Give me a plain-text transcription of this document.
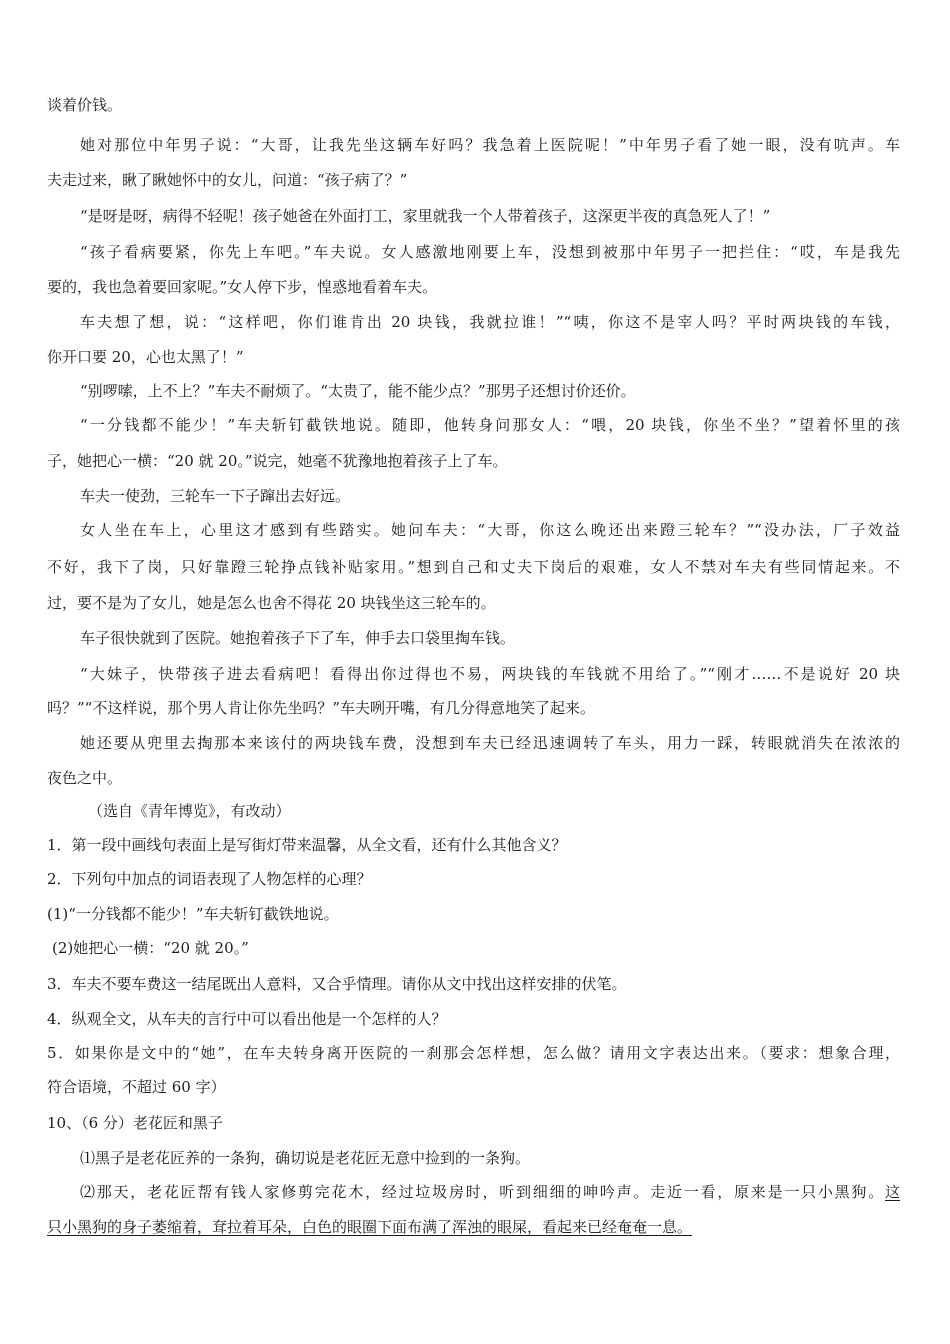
谈着价钱。
她对那位中年男子说：“大哥，让我先坐这辆车好吗？我急着上医院呢！”中年男子看了她一眼，没有吭声。车
夫走过来，瞅了瞅她怀中的女儿，问道：“孩子病了？”
“是呀是呀，病得不轻呢！孩子她爸在外面打工，家里就我一个人带着孩子，这深更半夜的真急死人了！”
“孩子看病要紧，你先上车吧。”车夫说。女人感激地刚要上车，没想到被那中年男子一把拦住：“哎，车是我先
要的，我也急着要回家呢。”女人停下步，惶惑地看着车夫。
车夫想了想，说：“这样吧，你们谁肯出 20 块钱，我就拉谁！”“咦，你这不是宰人吗？平时两块钱的车钱，
你开口要 20，心也太黑了！”
“别啰嗦，上不上？”车夫不耐烦了。“太贵了，能不能少点？”那男子还想讨价还价。
“一分钱都不能少！”车夫斩钉截铁地说。随即，他转身问那女人：“喂，20 块钱，你坐不坐？”望着怀里的孩
子，她把心一横：“20 就 20。”说完，她毫不犹豫地抱着孩子上了车。
车夫一使劲，三轮车一下子蹿出去好远。
女人坐在车上，心里这才感到有些踏实。她问车夫：“大哥，你这么晚还出来蹬三轮车？”“没办法，厂子效益
不好，我下了岗，只好靠蹬三轮挣点钱补贴家用。”想到自己和丈夫下岗后的艰难，女人不禁对车夫有些同情起来。不
过，要不是为了女儿，她是怎么也舍不得花 20 块钱坐这三轮车的。
车子很快就到了医院。她抱着孩子下了车，伸手去口袋里掏车钱。
“大妹子，快带孩子进去看病吧！看得出你过得也不易，两块钱的车钱就不用给了。”“刚才……不是说好 20 块
吗？”“不这样说，那个男人肯让你先坐吗？”车夫咧开嘴，有几分得意地笑了起来。
她还要从兜里去掏那本来该付的两块钱车费，没想到车夫已经迅速调转了车头，用力一踩，转眼就消失在浓浓的
夜色之中。
（选自《青年博览》，有改动）
1．第一段中画线句表面上是写街灯带来温馨，从全文看，还有什么其他含义？
2．下列句中加点的词语表现了人物怎样的心理？
(1)“一分钱都不能少！”车夫斩钉截铁地说。
(2)她把心一横：“20 就 20。”
3．车夫不要车费这一结尾既出人意料，又合乎情理。请你从文中找出这样安排的伏笔。
4．纵观全文，从车夫的言行中可以看出他是一个怎样的人？
5．如果你是文中的“她”，在车夫转身离开医院的一刹那会怎样想，怎么做？请用文字表达出来。（要求：想象合理，
符合语境，不超过 60 字）
10、（6 分）老花匠和黑子
⑴黑子是老花匠养的一条狗，确切说是老花匠无意中捡到的一条狗。
⑵那天，老花匠帮有钱人家修剪完花木，经过垃圾房时，听到细细的呻吟声。走近一看，原来是一只小黑狗。这
只小黑狗的身子萎缩着，耷拉着耳朵，白色的眼圈下面布满了浑浊的眼屎，看起来已经奄奄一息。
